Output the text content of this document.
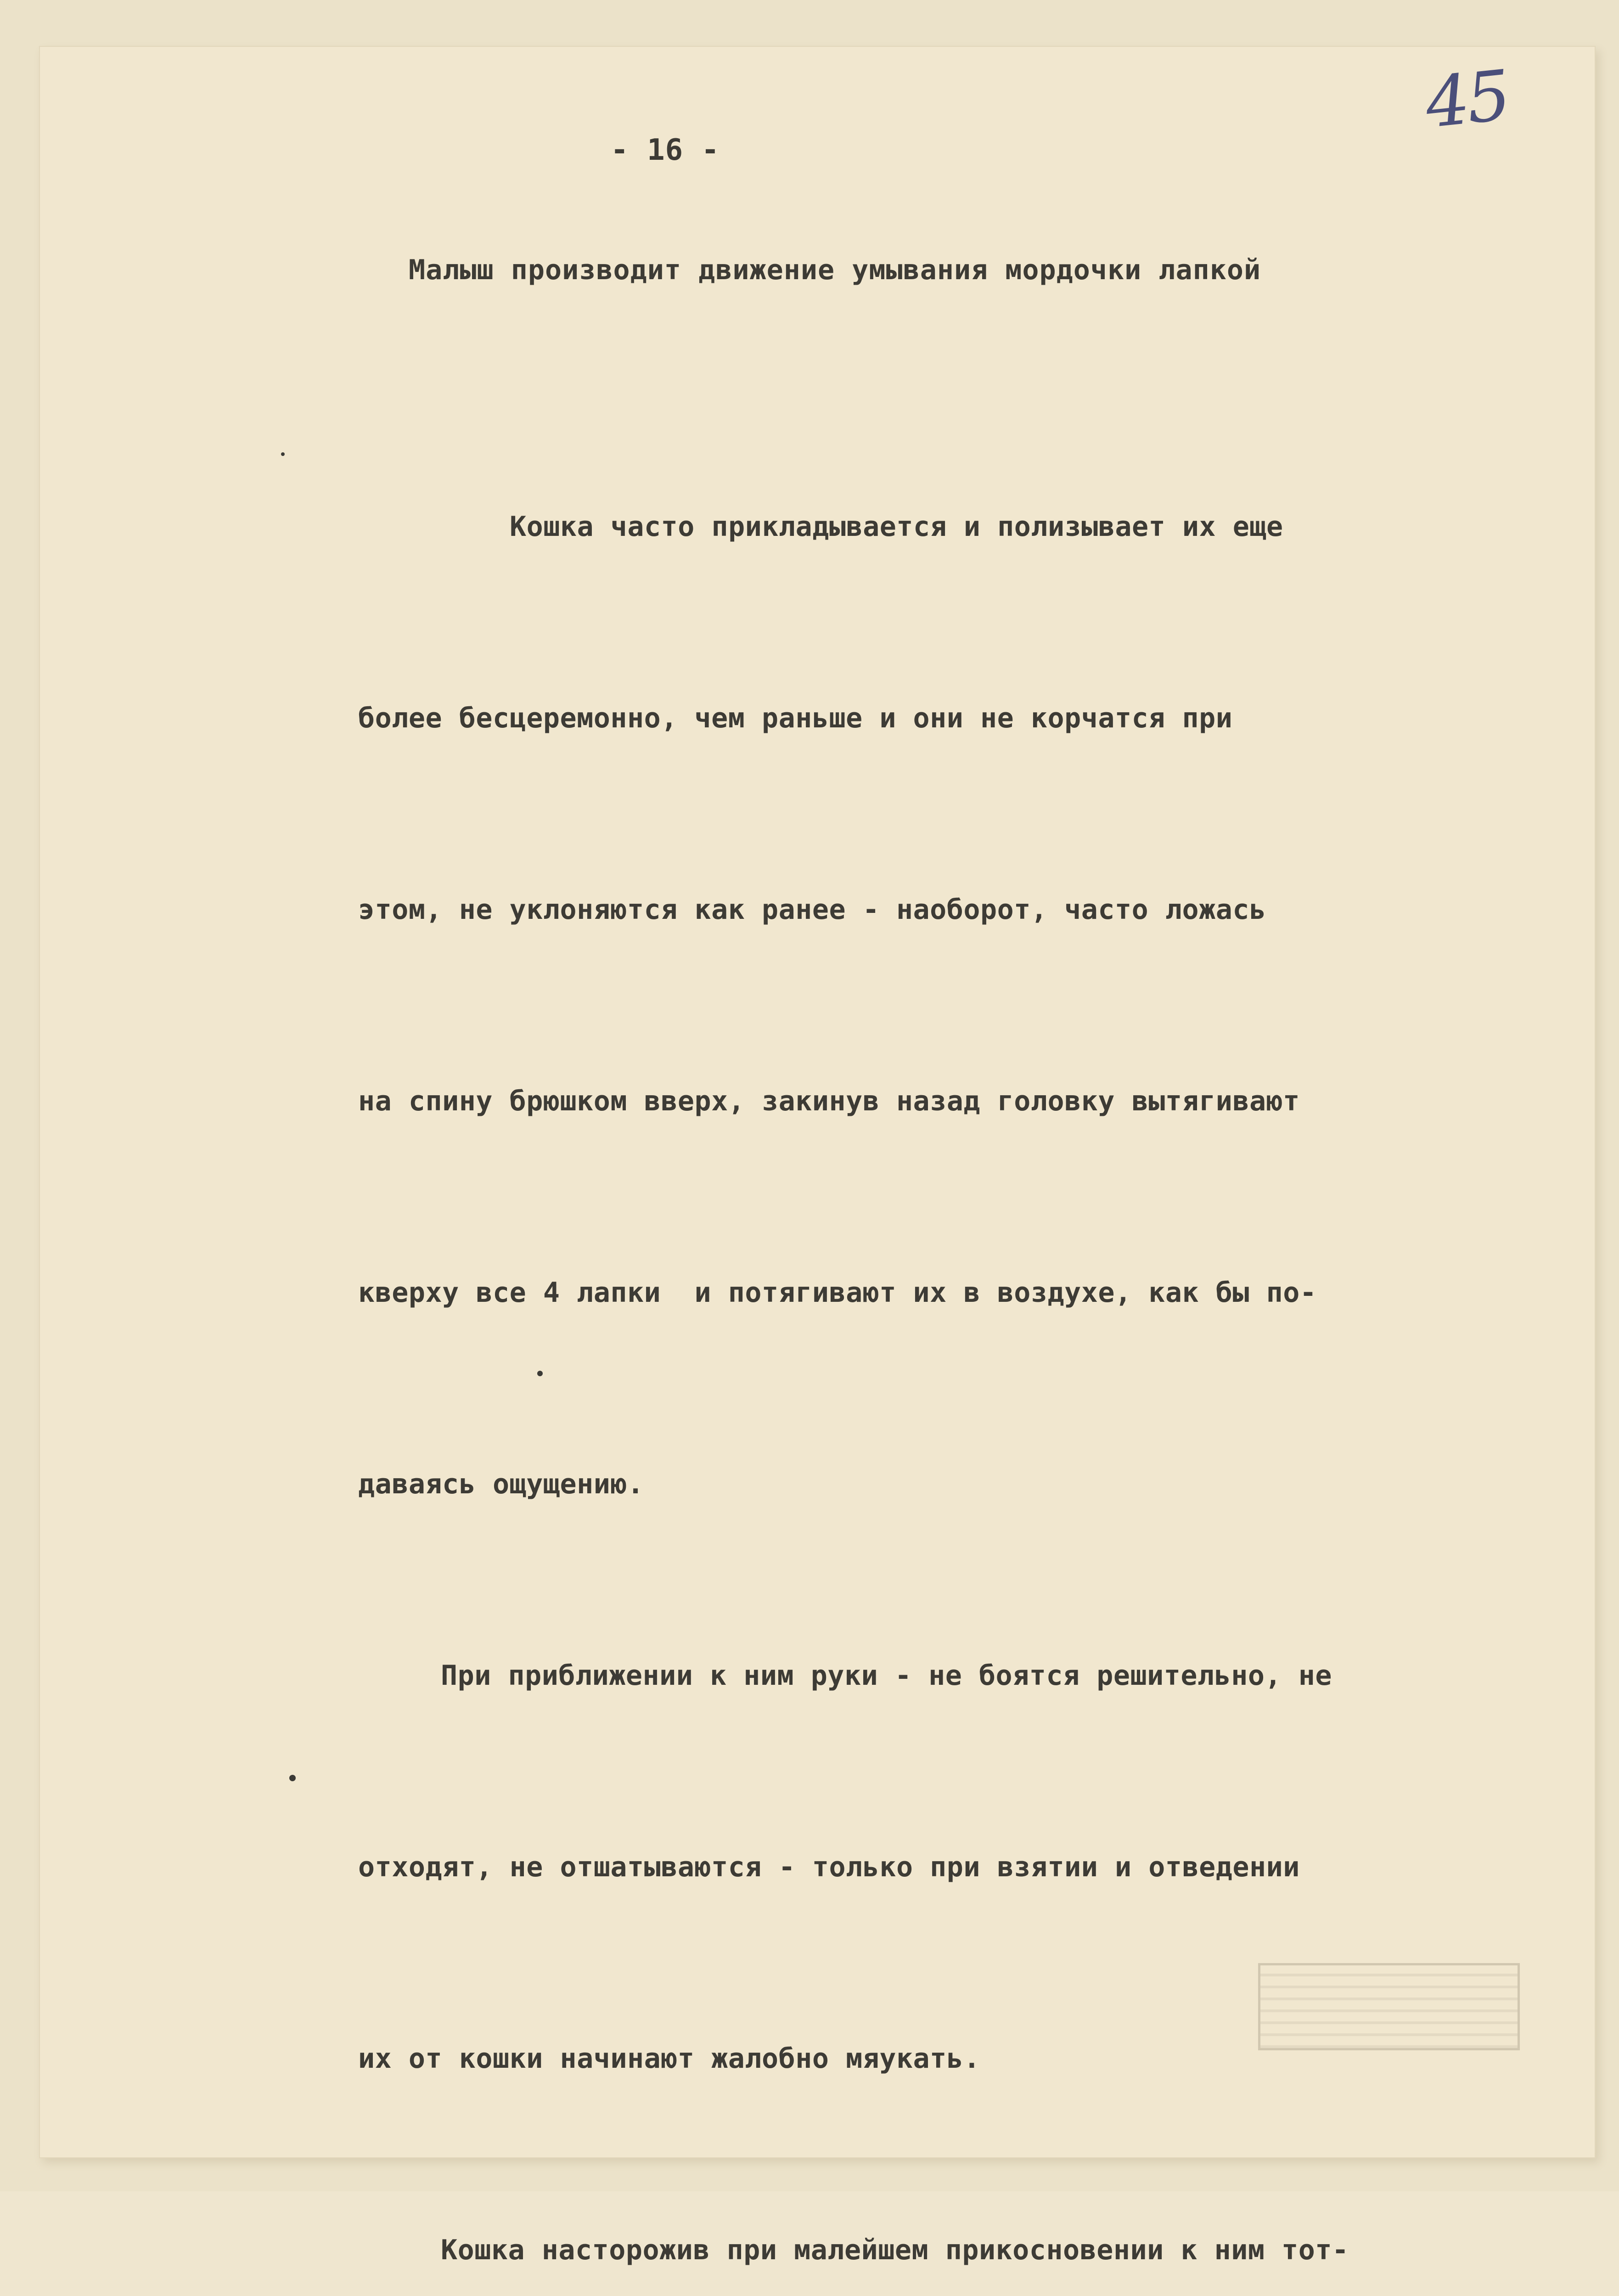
45
- 16 -
Малыш производит движение умывания мордочки лапкой

Кошка часто прикладывается и полизывает их еще

более бесцеремонно, чем раньше и они не корчатся при

этом, не уклоняются как ранее - наоборот, часто ложась

на спину брюшком вверх, закинув назад головку вытягивают

кверху все 4 лапки  и потягивают их в воздухе, как бы по-

даваясь ощущению.

При приближении к ним руки - не боятся решительно, не

отходят, не отшатываются - только при взятии и отведении

их от кошки начинают жалобно мяукать.

Кошка насторожив при малейшем прикосновении к ним тот-
